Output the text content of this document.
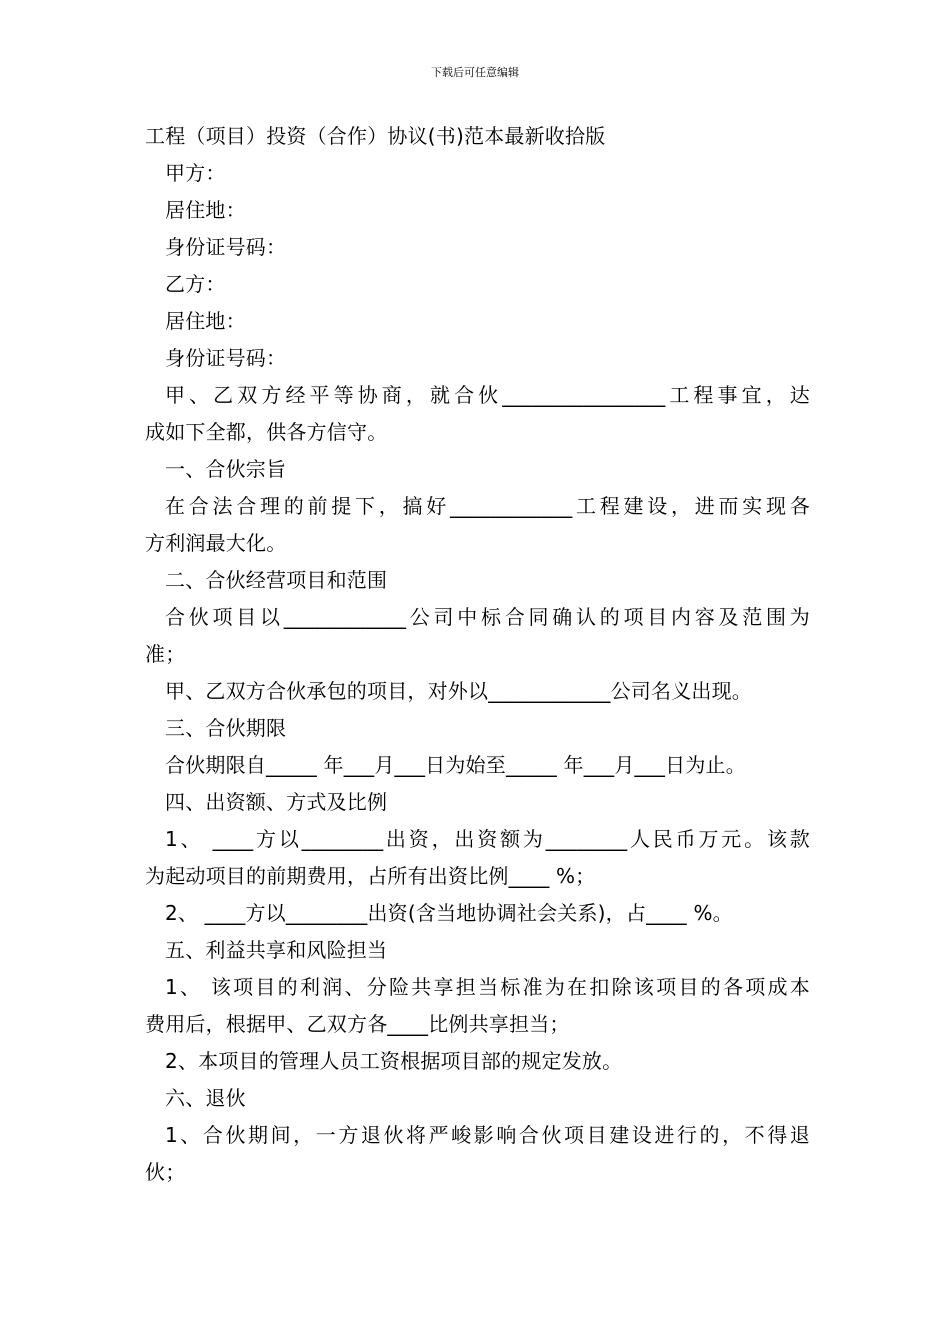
下载后可任意编辑
工程（项目）投资（合作）协议(书)范本最新收拾版
甲方：
居住地：
身份证号码：
乙方：
居住地：
身份证号码：
甲、乙双方经平等协商，就合伙________________工程事宜，达
成如下全都，供各方信守。
一、合伙宗旨
在合法合理的前提下，搞好____________工程建设，进而实现各
方利润最大化。
二、合伙经营项目和范围
合伙项目以____________公司中标合同确认的项目内容及范围为
准；
甲、乙双方合伙承包的项目，对外以____________公司名义出现。
三、合伙期限
合伙期限自_____ 年___月___日为始至_____ 年___月___日为止。
四、出资额、方式及比例
1、 ____方以________出资，出资额为________人民币万元。该款
为起动项目的前期费用，占所有出资比例____ %；
2、 ____方以________出资(含当地协调社会关系)，占____ %。
五、利益共享和风险担当
1、 该项目的利润、分险共享担当标准为在扣除该项目的各项成本
费用后，根据甲、乙双方各____比例共享担当；
2、本项目的管理人员工资根据项目部的规定发放。
六、退伙
1、合伙期间，一方退伙将严峻影响合伙项目建设进行的，不得退
伙；
